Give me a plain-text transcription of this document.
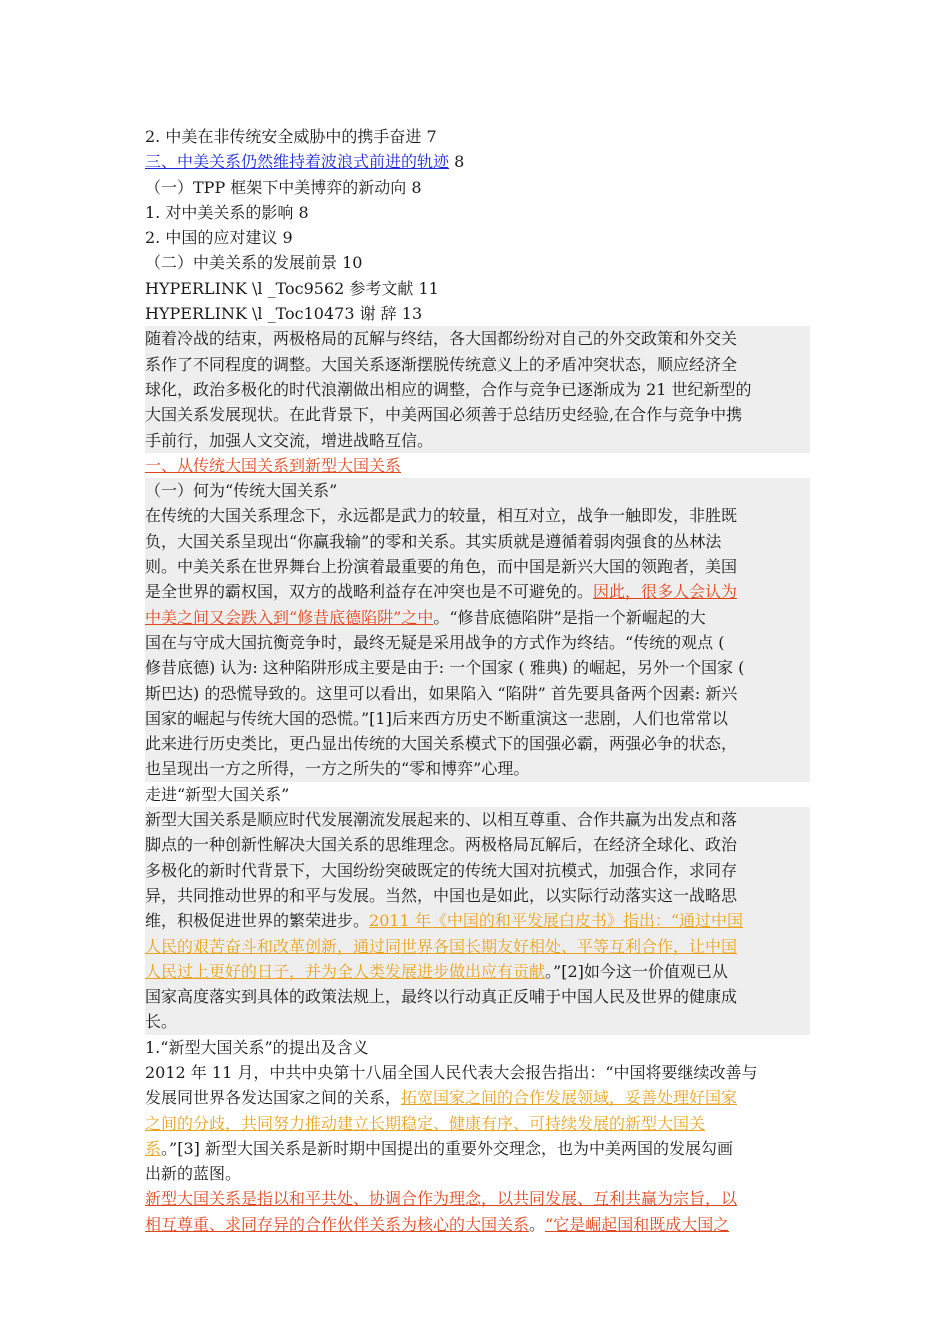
2. 中美在非传统安全威胁中的携手奋进 7
三、中美关系仍然维持着波浪式前进的轨迹 8
（一）TPP 框架下中美博弈的新动向 8
1. 对中美关系的影响 8
2. 中国的应对建议 9
（二）中美关系的发展前景 10
HYPERLINK \l _Toc9562 参考文献 11
HYPERLINK \l _Toc10473 谢 辞 13
随着冷战的结束，两极格局的瓦解与终结，各大国都纷纷对自己的外交政策和外交关
系作了不同程度的调整。大国关系逐渐摆脱传统意义上的矛盾冲突状态，顺应经济全
球化，政治多极化的时代浪潮做出相应的调整，合作与竞争已逐渐成为 21 世纪新型的
大国关系发展现状。在此背景下，中美两国必须善于总结历史经验,在合作与竞争中携
手前行，加强人文交流，增进战略互信。
一、从传统大国关系到新型大国关系
（一）何为“传统大国关系”
在传统的大国关系理念下，永远都是武力的较量，相互对立，战争一触即发，非胜既
负，大国关系呈现出“你赢我输”的零和关系。其实质就是遵循着弱肉强食的丛林法
则。中美关系在世界舞台上扮演着最重要的角色，而中国是新兴大国的领跑者，美国
是全世界的霸权国，双方的战略利益存在冲突也是不可避免的。因此，很多人会认为
中美之间又会跌入到“修昔底德陷阱”之中。“修昔底德陷阱”是指一个新崛起的大
国在与守成大国抗衡竞争时，最终无疑是采用战争的方式作为终结。“传统的观点 (
修昔底德) 认为: 这种陷阱形成主要是由于: 一个国家 ( 雅典) 的崛起，另外一个国家 (
斯巴达) 的恐慌导致的。这里可以看出，如果陷入 “陷阱” 首先要具备两个因素: 新兴
国家的崛起与传统大国的恐慌。”[1]后来西方历史不断重演这一悲剧，人们也常常以
此来进行历史类比，更凸显出传统的大国关系模式下的国强必霸，两强必争的状态，
也呈现出一方之所得，一方之所失的“零和博弈”心理。
走进“新型大国关系”
新型大国关系是顺应时代发展潮流发展起来的、以相互尊重、合作共赢为出发点和落
脚点的一种创新性解决大国关系的思维理念。两极格局瓦解后，在经济全球化、政治
多极化的新时代背景下，大国纷纷突破既定的传统大国对抗模式，加强合作，求同存
异，共同推动世界的和平与发展。当然，中国也是如此，以实际行动落实这一战略思
维，积极促进世界的繁荣进步。2011 年《中国的和平发展白皮书》指出：“通过中国
人民的艰苦奋斗和改革创新，通过同世界各国长期友好相处、平等互利合作，让中国
人民过上更好的日子，并为全人类发展进步做出应有贡献。”[2]如今这一价值观已从
国家高度落实到具体的政策法规上，最终以行动真正反哺于中国人民及世界的健康成
长。
1.“新型大国关系”的提出及含义
2012 年 11 月，中共中央第十八届全国人民代表大会报告指出：“中国将要继续改善与
发展同世界各发达国家之间的关系，拓宽国家之间的合作发展领域，妥善处理好国家
之间的分歧，共同努力推动建立长期稳定、健康有序、可持续发展的新型大国关
系。”[3] 新型大国关系是新时期中国提出的重要外交理念，也为中美两国的发展勾画
出新的蓝图。
新型大国关系是指以和平共处、协调合作为理念，以共同发展、互利共赢为宗旨，以
相互尊重、求同存异的合作伙伴关系为核心的大国关系。“它是崛起国和既成大国之
